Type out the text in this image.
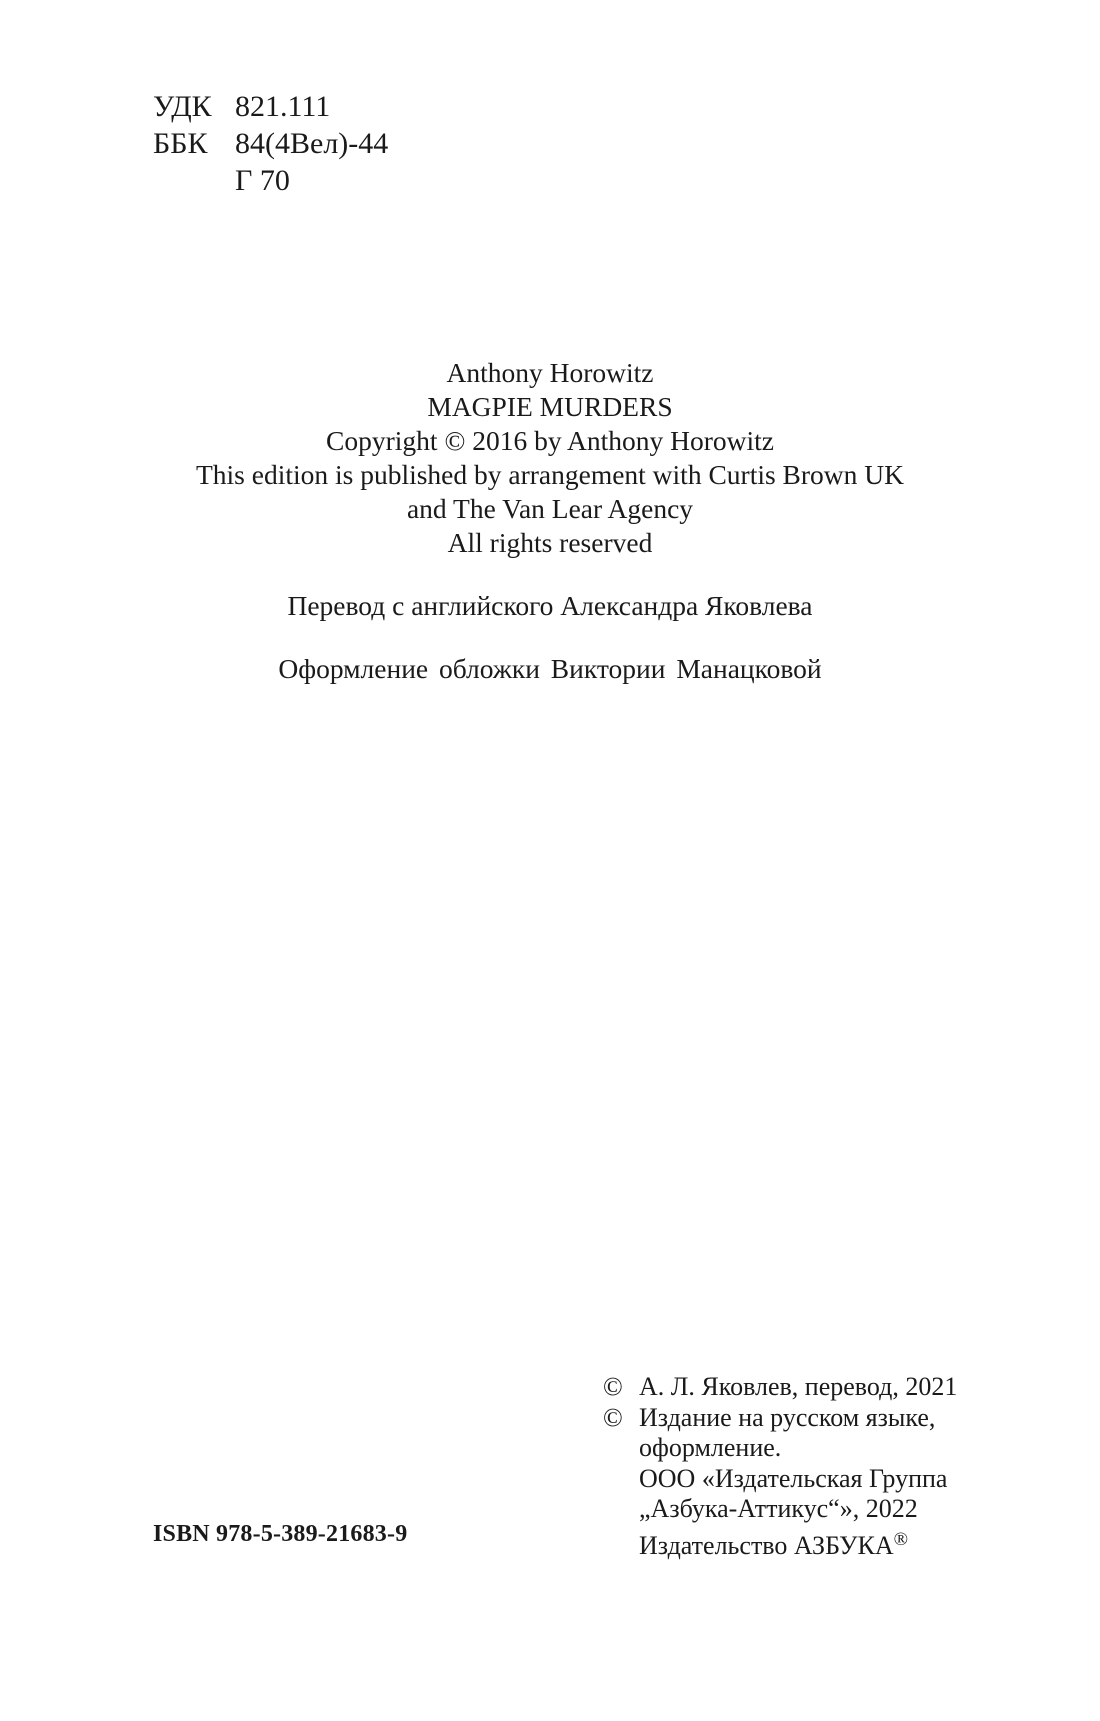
УДК 821.111
ББК 84(4Вел)-44
Г 70
Anthony Horowitz
MAGPIE MURDERS
Copyright © 2016 by Anthony Horowitz
This edition is published by arrangement with Curtis Brown UK
and The Van Lear Agency
All rights reserved
Перевод с английского Александра Яковлева
Оформление обложки Виктории Манацковой
© А. Л. Яковлев, перевод, 2021
© Издание на русском языке,
оформление.
ООО «Издательская Группа
„Азбука-Аттикус“», 2022
Издательство АЗБУКА®
ISBN 978-5-389-21683-9
